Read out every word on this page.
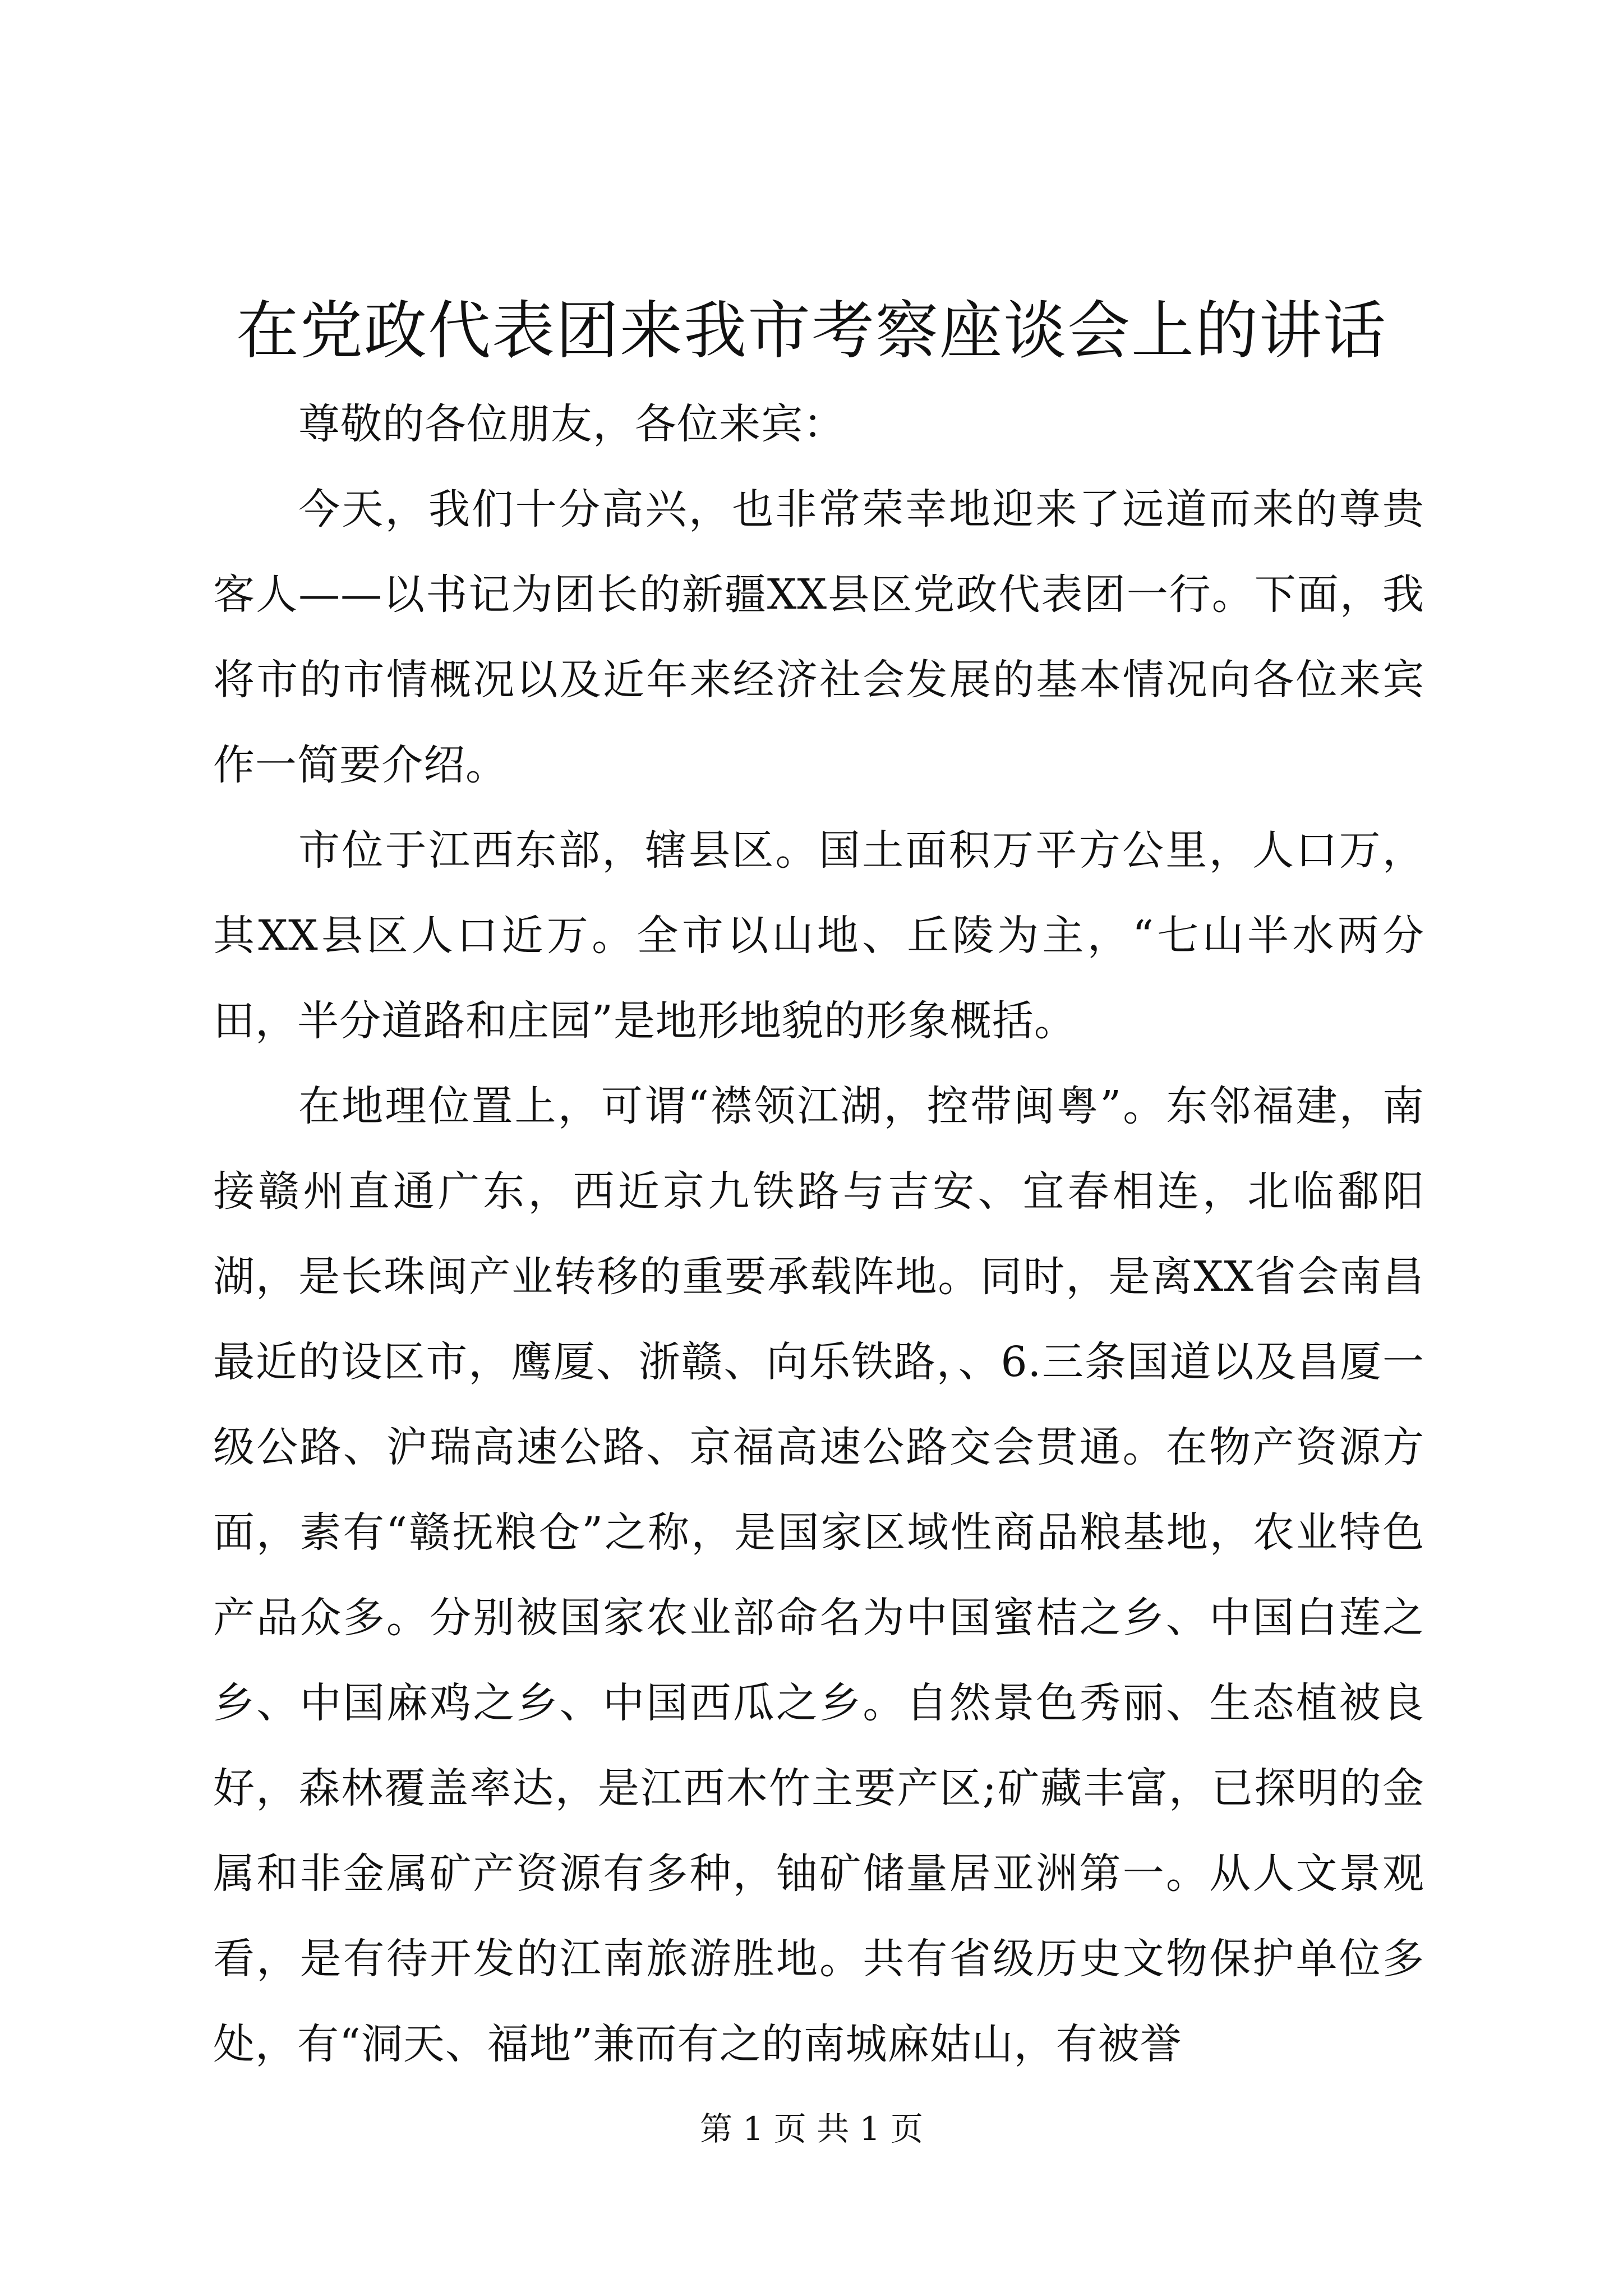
在党政代表团来我市考察座谈会上的讲话

尊敬的各位朋友，各位来宾：

今天，我们十分高兴，也非常荣幸地迎来了远道而来的尊贵客人——以书记为团长的新疆XX县区党政代表团一行。下面，我将市的市情概况以及近年来经济社会发展的基本情况向各位来宾作一简要介绍。

市位于江西东部，辖县区。国土面积万平方公里，人口万，其XX县区人口近万。全市以山地、丘陵为主，“七山半水两分田，半分道路和庄园”是地形地貌的形象概括。

在地理位置上，可谓“襟领江湖，控带闽粤”。东邻福建，南接赣州直通广东，西近京九铁路与吉安、宜春相连，北临鄱阳湖，是长珠闽产业转移的重要承载阵地。同时，是离XX省会南昌最近的设区市，鹰厦、浙赣、向乐铁路，、6.三条国道以及昌厦一级公路、沪瑞高速公路、京福高速公路交会贯通。在物产资源方面，素有“赣抚粮仓”之称，是国家区域性商品粮基地，农业特色产品众多。分别被国家农业部命名为中国蜜桔之乡、中国白莲之乡、中国麻鸡之乡、中国西瓜之乡。自然景色秀丽、生态植被良好，森林覆盖率达，是江西木竹主要产区;矿藏丰富，已探明的金属和非金属矿产资源有多种，铀矿储量居亚洲第一。从人文景观看，是有待开发的江南旅游胜地。共有省级历史文物保护单位多处，有“洞天、福地”兼而有之的南城麻姑山，有被誉

第 1 页 共 1 页
